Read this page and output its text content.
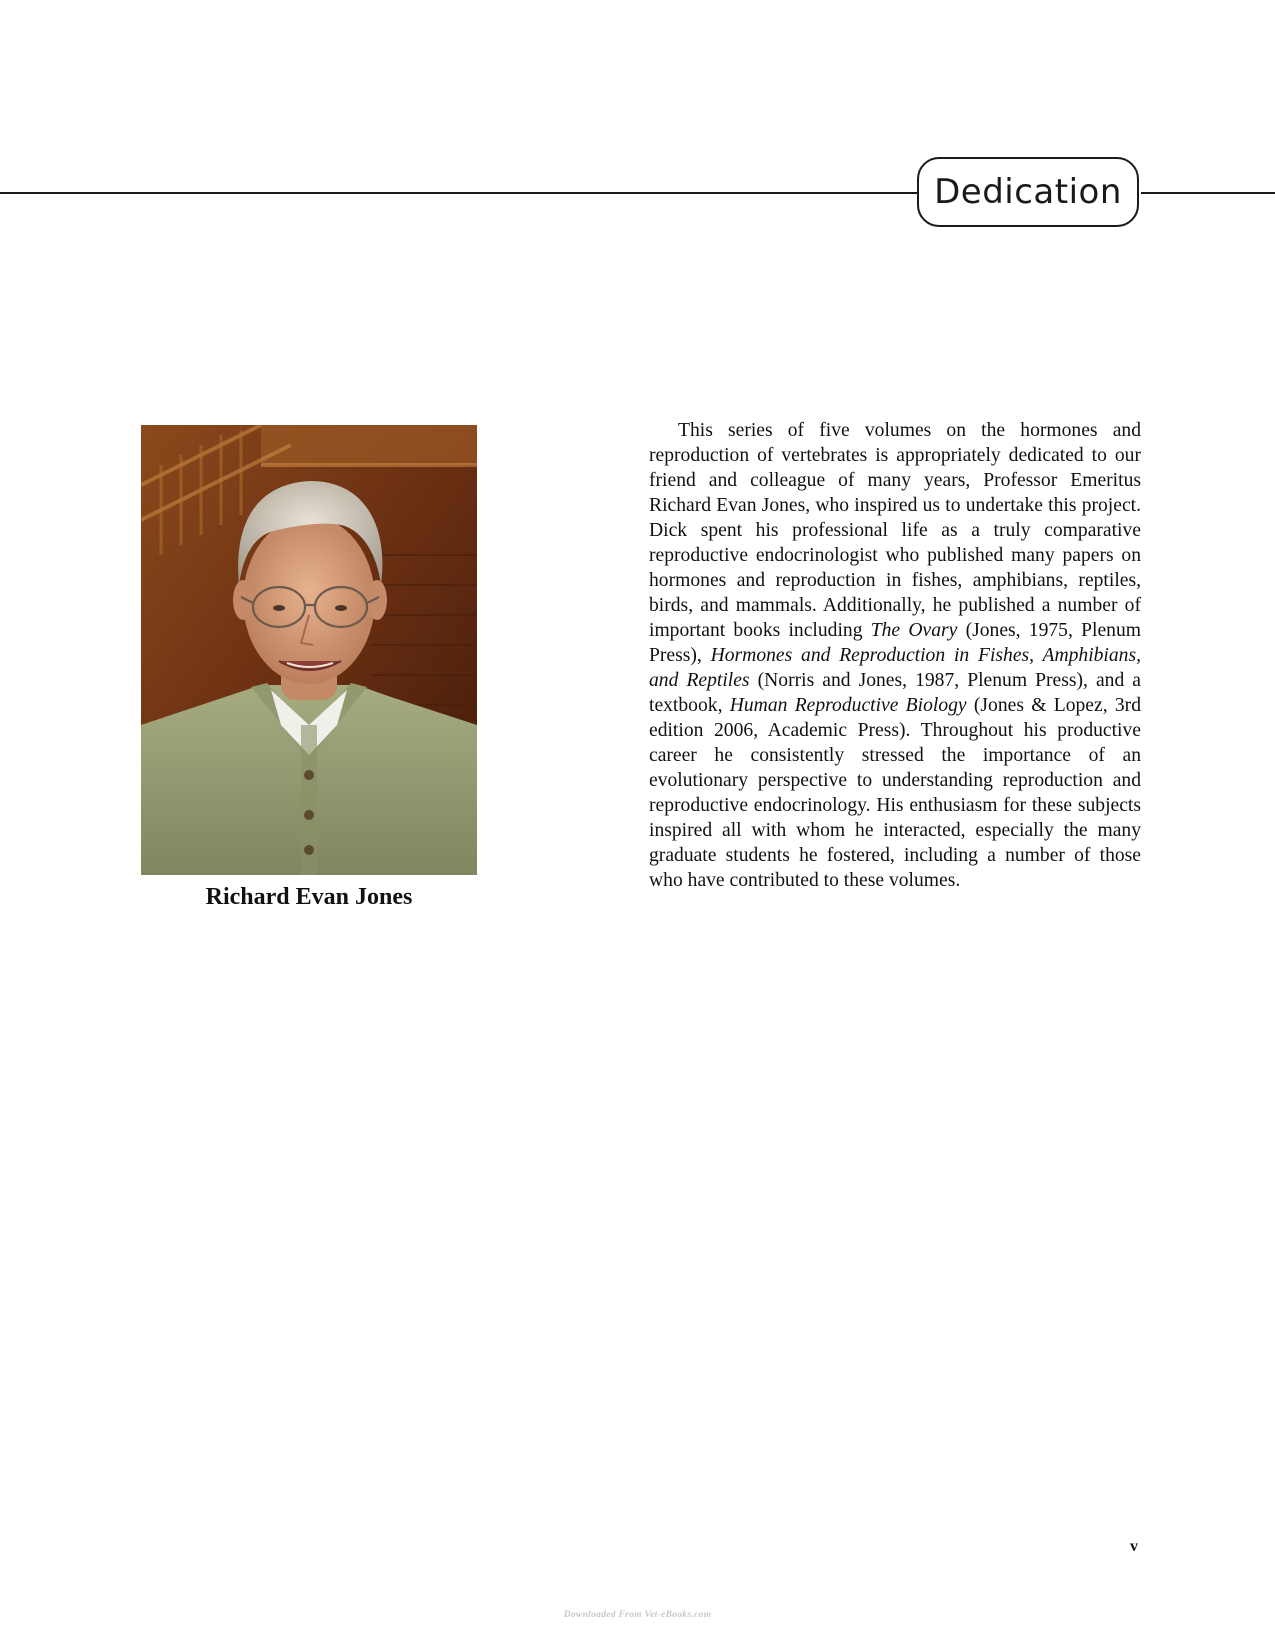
Dedication
Richard Evan Jones

This series of five volumes on the hormones and reproduction of vertebrates is appropriately dedicated to our friend and colleague of many years, Professor Emeritus Richard Evan Jones, who inspired us to undertake this project. Dick spent his professional life as a truly comparative reproductive endocrinologist who published many papers on hormones and reproduction in fishes, amphibians, reptiles, birds, and mammals. Additionally, he published a number of important books including The Ovary (Jones, 1975, Plenum Press), Hormones and Reproduction in Fishes, Amphibians, and Reptiles (Norris and Jones, 1987, Plenum Press), and a textbook, Human Reproductive Biology (Jones & Lopez, 3rd edition 2006, Academic Press). Throughout his productive career he consistently stressed the importance of an evolutionary perspective to understanding reproduction and reproductive endocrinology. His enthusiasm for these subjects inspired all with whom he interacted, especially the many graduate students he fostered, including a number of those who have contributed to these volumes.

v
Downloaded From Vet-eBooks.com
